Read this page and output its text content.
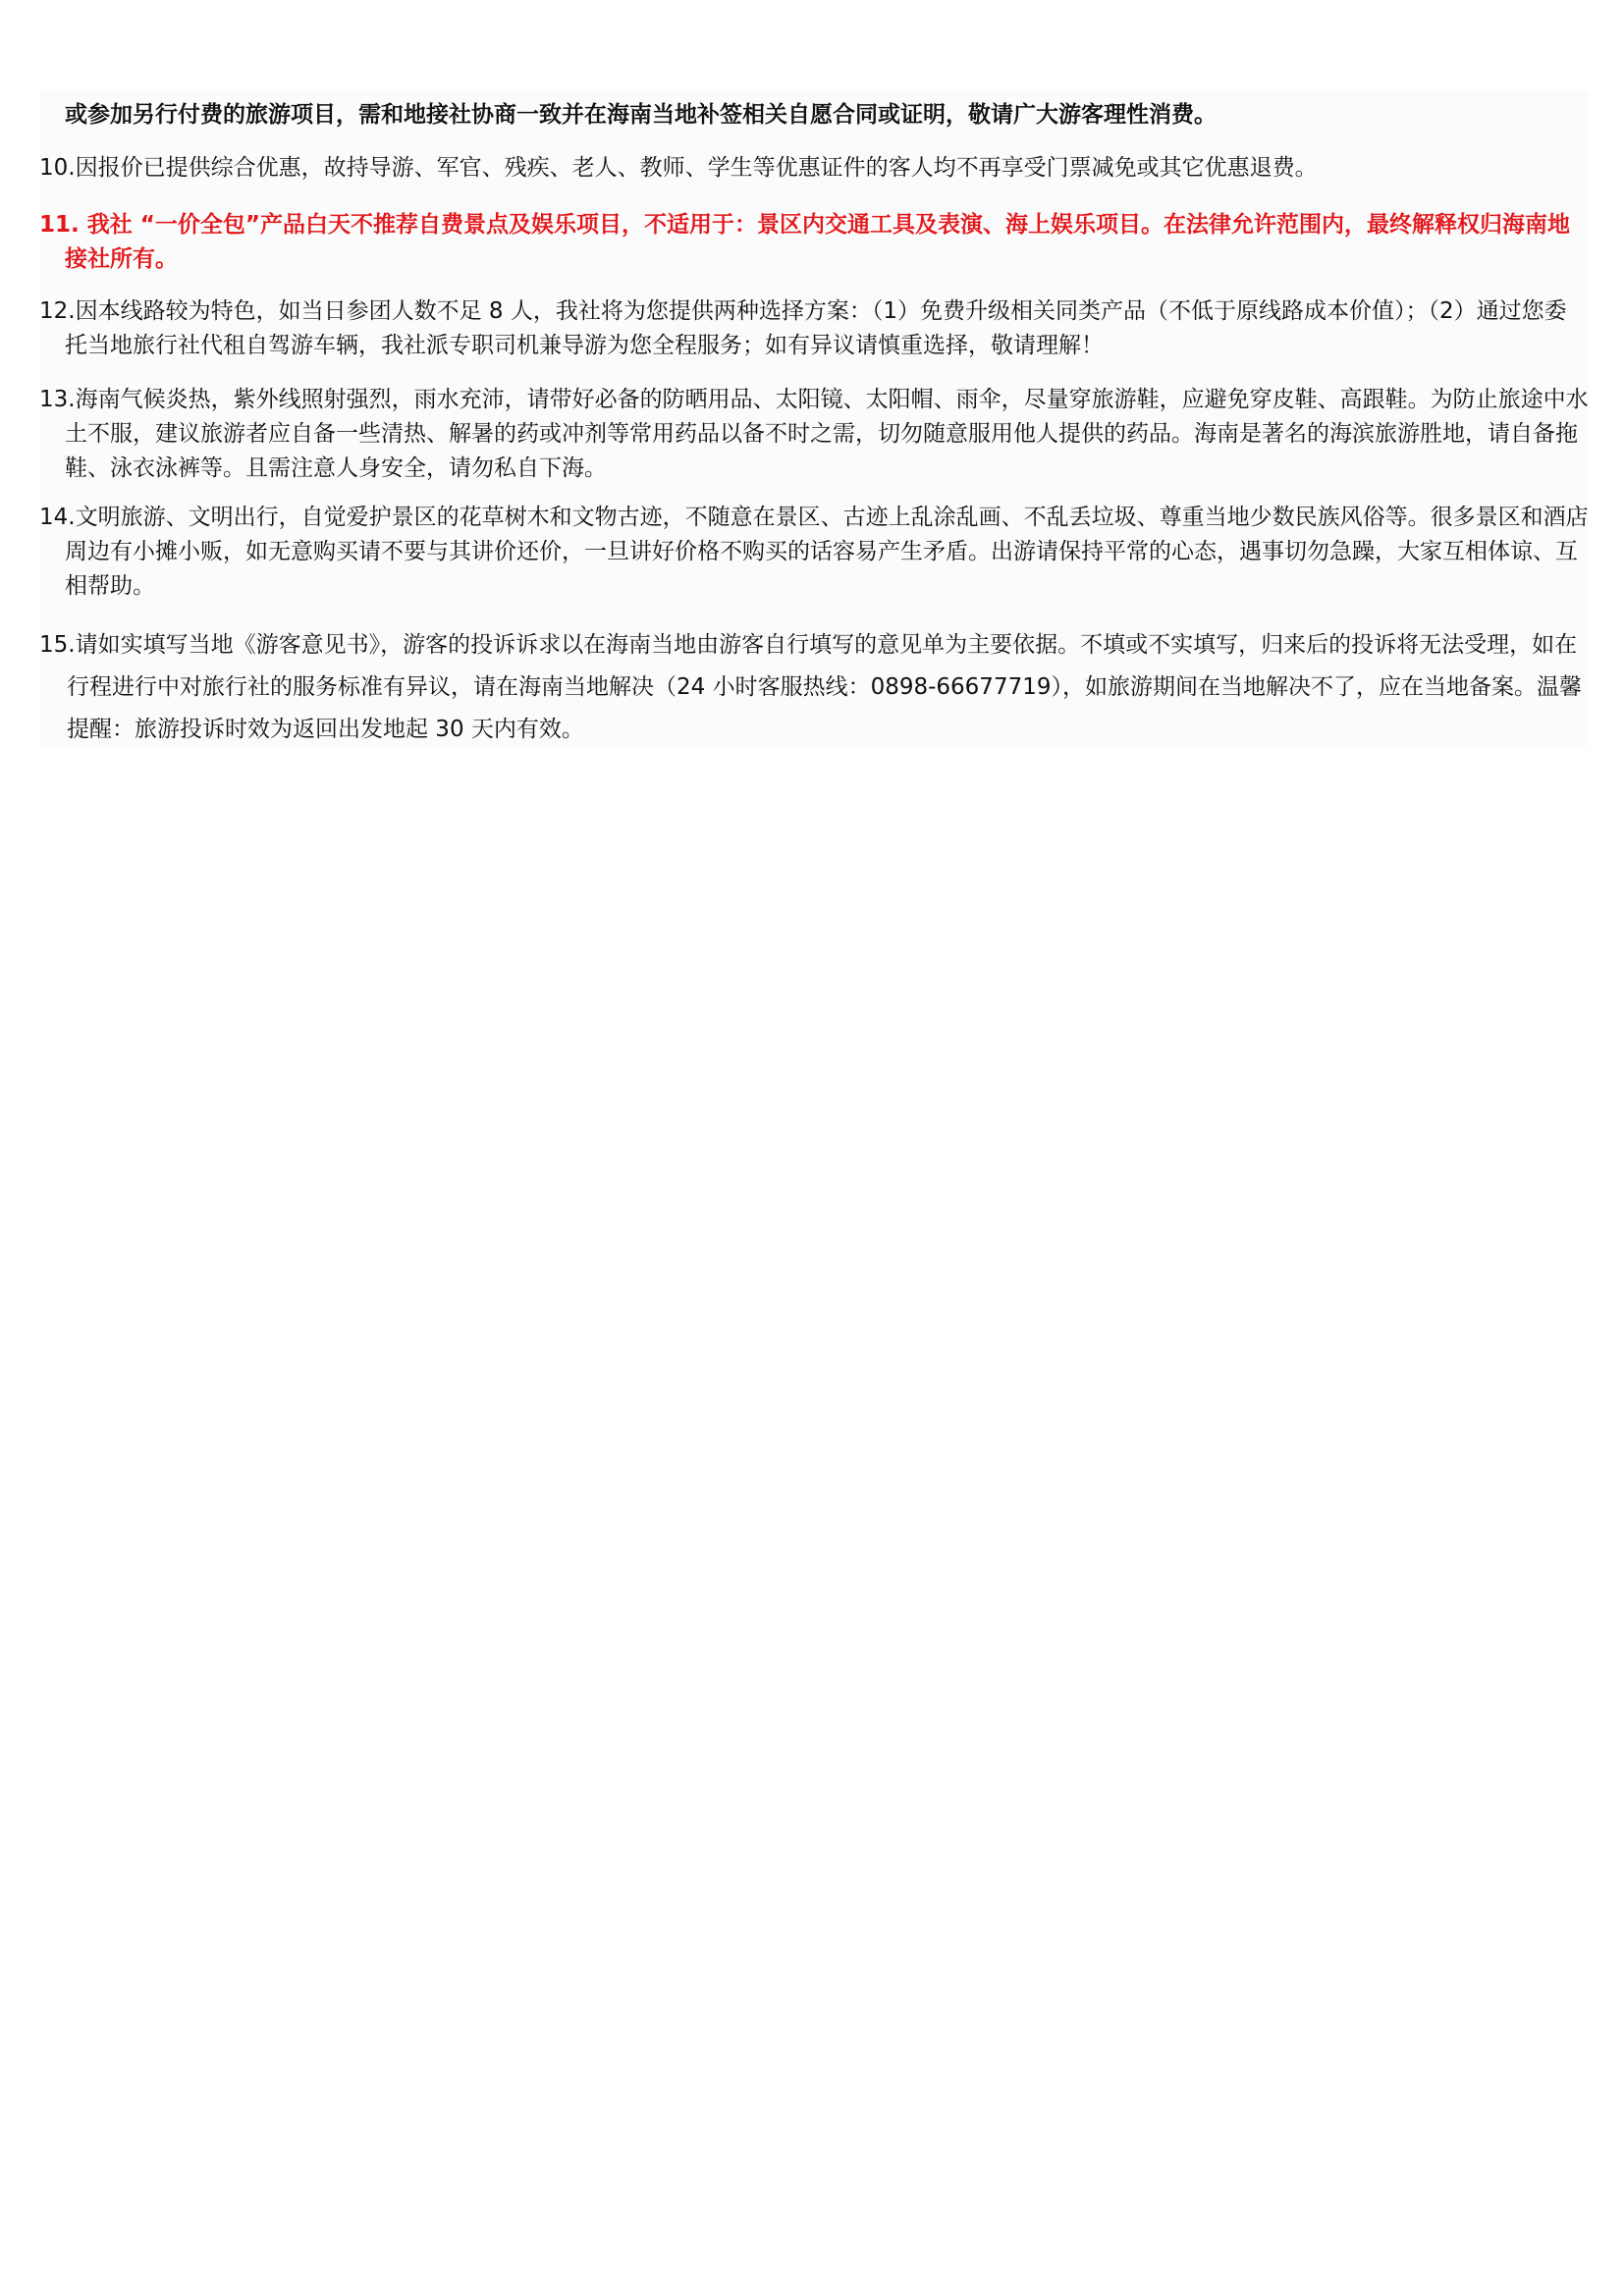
或参加另行付费的旅游项目，需和地接社协商一致并在海南当地补签相关自愿合同或证明，敬请广大游客理性消费。

10.因报价已提供综合优惠，故持导游、军官、残疾、老人、教师、学生等优惠证件的客人均不再享受门票减免或其它优惠退费。

11. 我社 “一价全包”产品白天不推荐自费景点及娱乐项目，不适用于：景区内交通工具及表演、海上娱乐项目。在法律允许范围内，最终解释权归海南地接社所有。

12.因本线路较为特色，如当日参团人数不足 8 人，我社将为您提供两种选择方案：（1）免费升级相关同类产品（不低于原线路成本价值）；（2）通过您委托当地旅行社代租自驾游车辆，我社派专职司机兼导游为您全程服务；如有异议请慎重选择，敬请理解！

13.海南气候炎热，紫外线照射强烈，雨水充沛，请带好必备的防晒用品、太阳镜、太阳帽、雨伞，尽量穿旅游鞋，应避免穿皮鞋、高跟鞋。为防止旅途中水土不服，建议旅游者应自备一些清热、解暑的药或冲剂等常用药品以备不时之需，切勿随意服用他人提供的药品。海南是著名的海滨旅游胜地，请自备拖鞋、泳衣泳裤等。且需注意人身安全，请勿私自下海。

14.文明旅游、文明出行，自觉爱护景区的花草树木和文物古迹，不随意在景区、古迹上乱涂乱画、不乱丢垃圾、尊重当地少数民族风俗等。很多景区和酒店周边有小摊小贩，如无意购买请不要与其讲价还价，一旦讲好价格不购买的话容易产生矛盾。出游请保持平常的心态，遇事切勿急躁，大家互相体谅、互相帮助。

15.请如实填写当地《游客意见书》，游客的投诉诉求以在海南当地由游客自行填写的意见单为主要依据。不填或不实填写，归来后的投诉将无法受理，如在行程进行中对旅行社的服务标准有异议，请在海南当地解决（24 小时客服热线：0898-66677719），如旅游期间在当地解决不了，应在当地备案。温馨提醒：旅游投诉时效为返回出发地起 30 天内有效。
